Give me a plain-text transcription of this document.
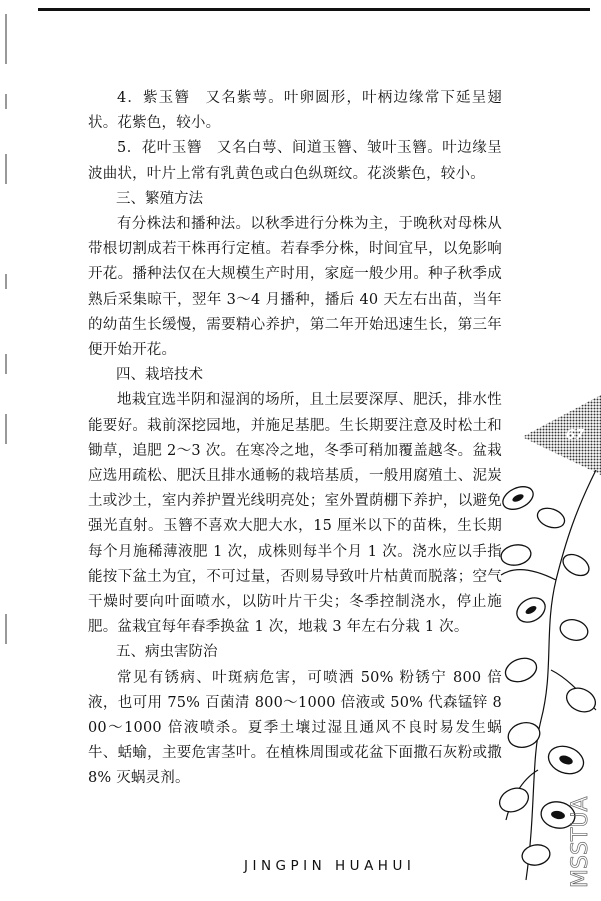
4．紫玉簪　又名紫萼。叶卵圆形，叶柄边缘常下延呈翅状。花紫色，较小。

5．花叶玉簪　又名白萼、间道玉簪、皱叶玉簪。叶边缘呈波曲状，叶片上常有乳黄色或白色纵斑纹。花淡紫色，较小。

三、繁殖方法

有分株法和播种法。以秋季进行分株为主，于晚秋对母株从带根切割成若干株再行定植。若春季分株，时间宜早，以免影响开花。播种法仅在大规模生产时用，家庭一般少用。种子秋季成熟后采集晾干，翌年 3～4 月播种，播后 40 天左右出苗，当年的幼苗生长缓慢，需要精心养护，第二年开始迅速生长，第三年便开始开花。

四、栽培技术

地栽宜选半阴和湿润的场所，且土层要深厚、肥沃，排水性能要好。栽前深挖园地，并施足基肥。生长期要注意及时松土和锄草，追肥 2～3 次。在寒冷之地，冬季可稍加覆盖越冬。盆栽应选用疏松、肥沃且排水通畅的栽培基质，一般用腐殖土、泥炭土或沙土，室内养护置光线明亮处；室外置荫棚下养护，以避免强光直射。玉簪不喜欢大肥大水，15 厘米以下的苗株，生长期每个月施稀薄液肥 1 次，成株则每半个月 1 次。浇水应以手指能按下盆土为宜，不可过量，否则易导致叶片枯黄而脱落；空气干燥时要向叶面喷水，以防叶片干尖；冬季控制浇水，停止施肥。盆栽宜每年春季换盆 1 次，地栽 3 年左右分栽 1 次。

五、病虫害防治

常见有锈病、叶斑病危害，可喷洒 50% 粉锈宁 800 倍液，也可用 75% 百菌清 800～1000 倍液或 50% 代森锰锌 800～1000 倍液喷杀。夏季土壤过湿且通风不良时易发生蜗牛、蛞蝓，主要危害茎叶。在植株周围或花盆下面撒石灰粉或撒 8% 灭蜗灵剂。

67
JINGPIN HUAHUI	MSSTUA
